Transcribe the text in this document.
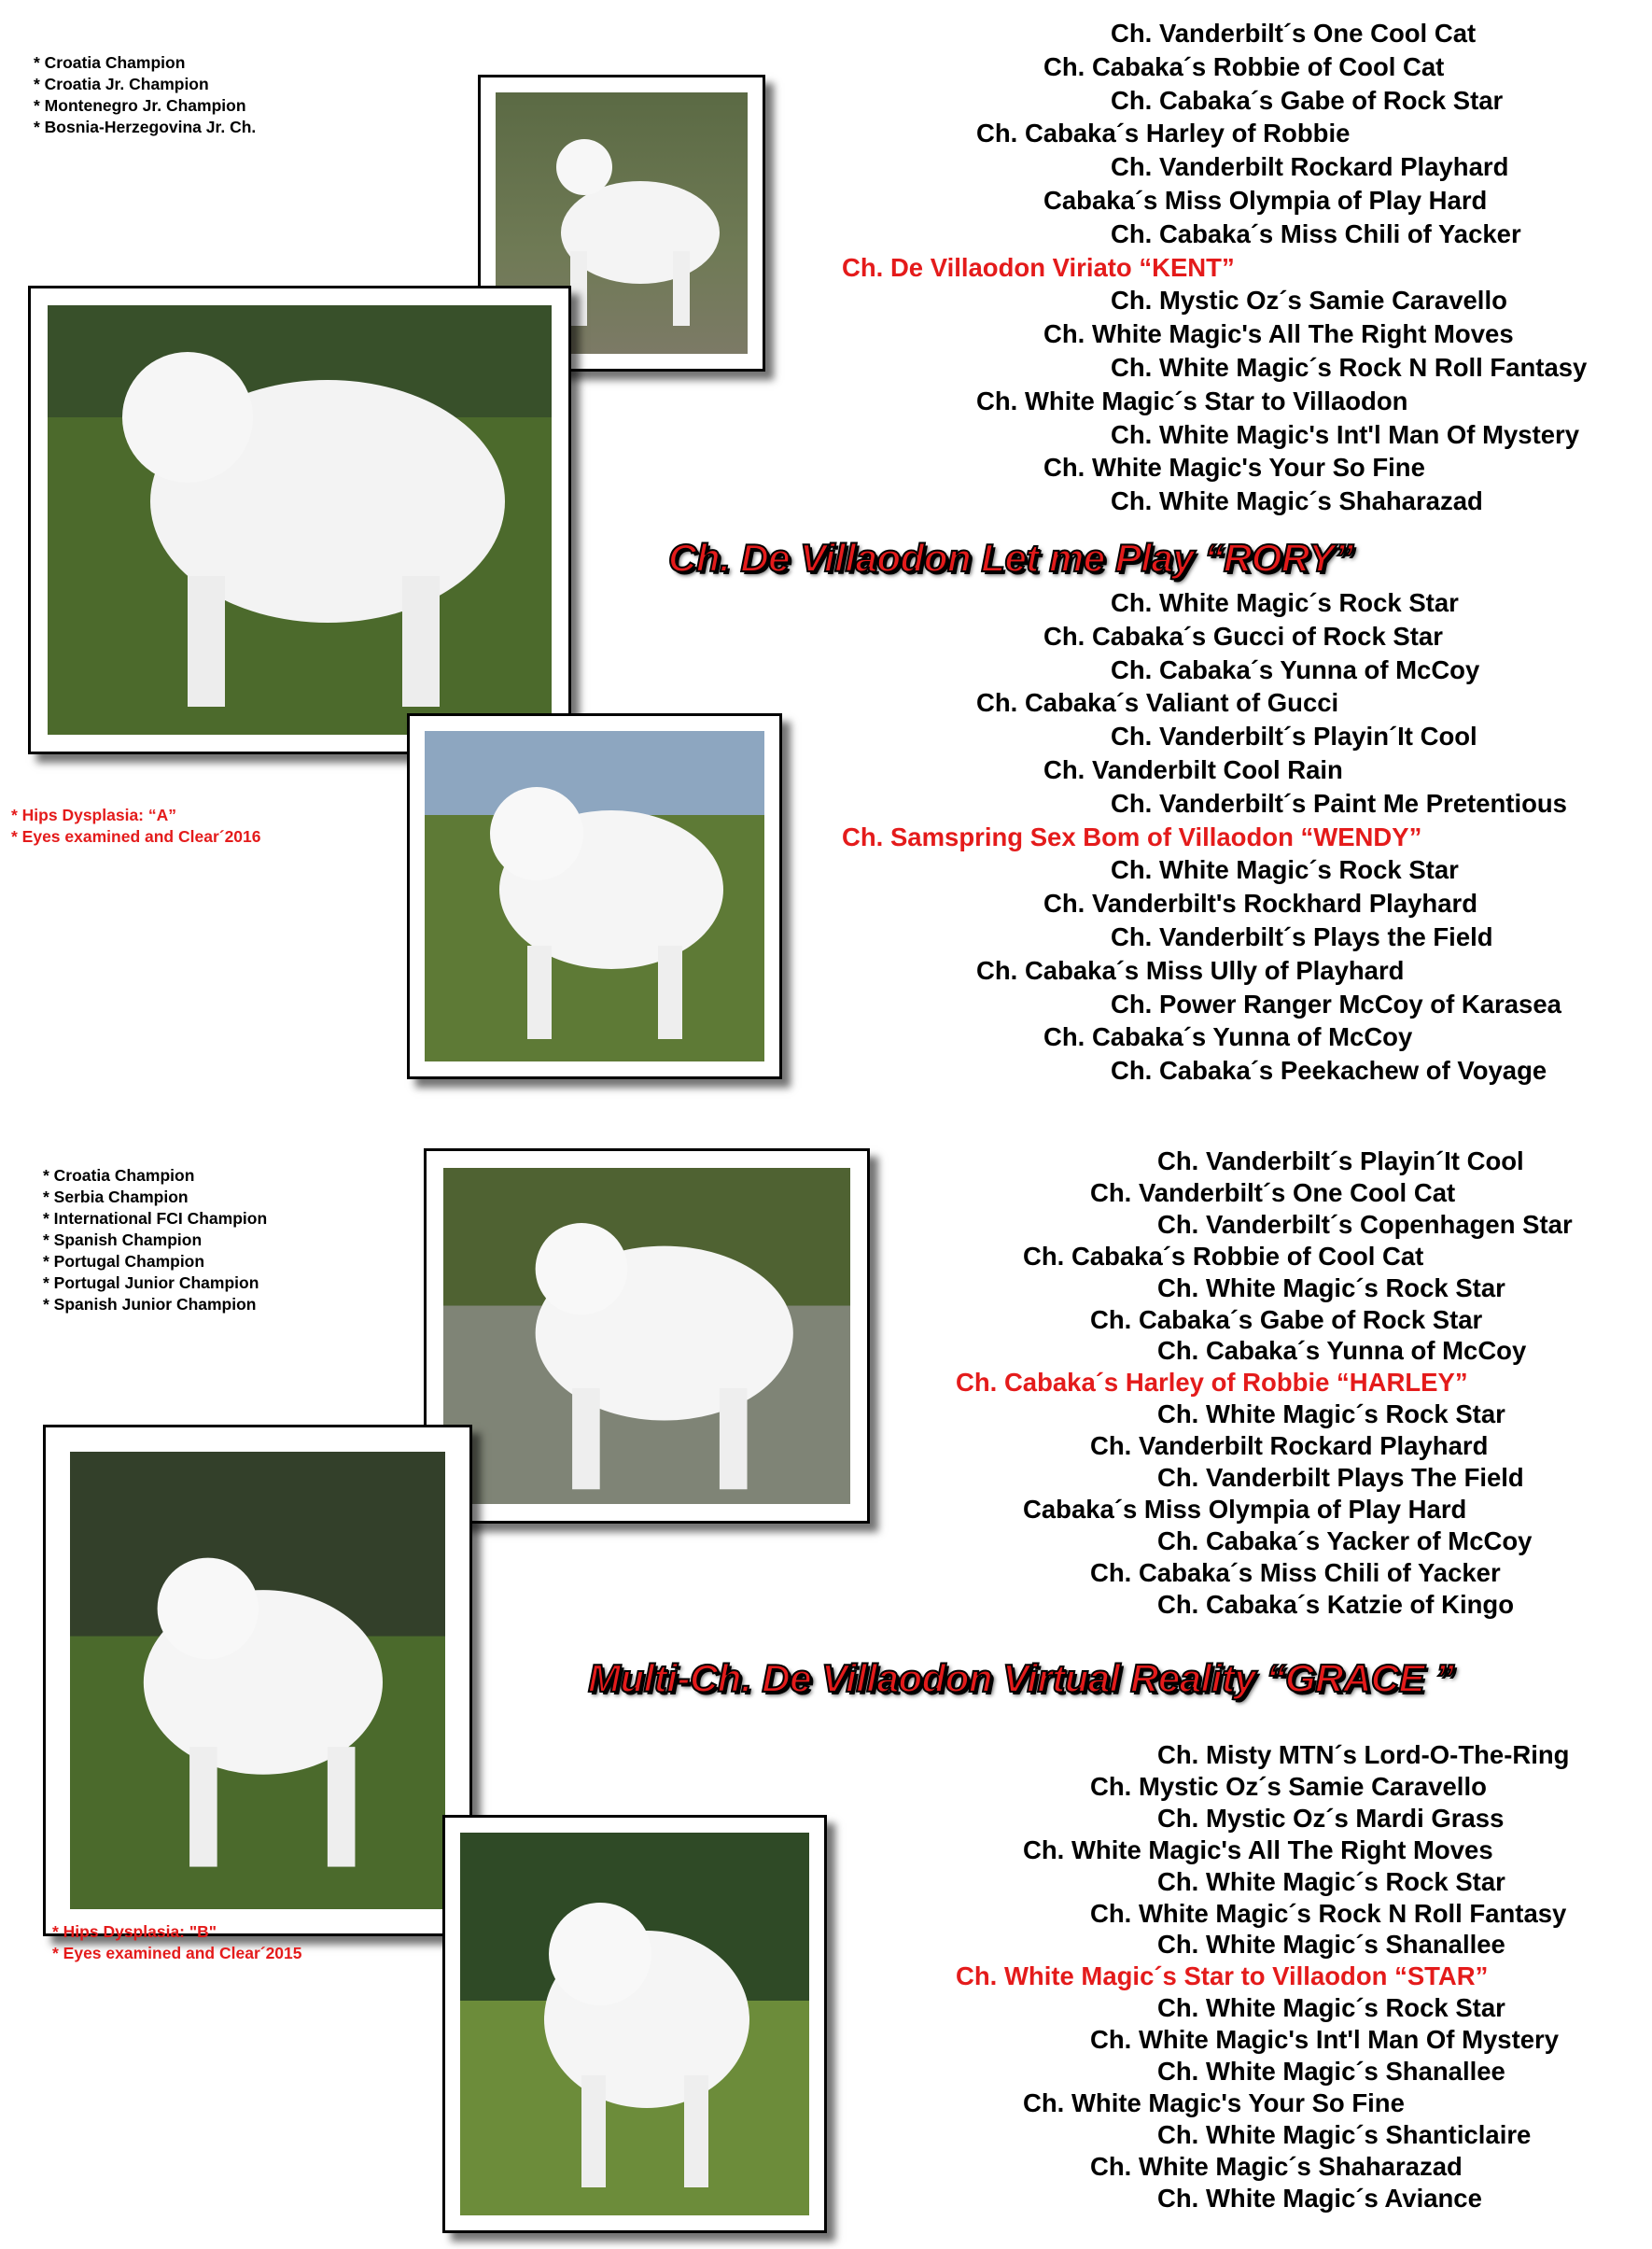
* Croatia Champion
* Croatia Jr. Champion
* Montenegro Jr. Champion
* Bosnia-Herzegovina Jr. Ch.
* Hips Dysplasia: “A”
* Eyes examined and Clear´2016
Ch. Vanderbilt´s One Cool Cat
Ch. Cabaka´s Robbie of Cool Cat
Ch. Cabaka´s Gabe of Rock Star
Ch. Cabaka´s Harley of Robbie
Ch. Vanderbilt Rockard Playhard
Cabaka´s Miss Olympia of Play Hard
Ch. Cabaka´s Miss Chili of Yacker
Ch. De Villaodon Viriato “KENT”
Ch. Mystic Oz´s Samie Caravello
Ch. White Magic's All The Right Moves
Ch. White Magic´s Rock N Roll Fantasy
Ch. White Magic´s Star to Villaodon
Ch. White Magic's Int'l Man Of Mystery
Ch. White Magic's Your So Fine
Ch. White Magic´s Shaharazad
Ch. White Magic´s Rock Star
Ch. Cabaka´s Gucci of Rock Star
Ch. Cabaka´s Yunna of McCoy
Ch. Cabaka´s Valiant of Gucci
Ch. Vanderbilt´s Playin´It Cool
Ch. Vanderbilt Cool Rain
Ch. Vanderbilt´s Paint Me Pretentious
Ch. Samspring Sex Bom of Villaodon “WENDY”
Ch. White Magic´s Rock Star
Ch. Vanderbilt's Rockhard Playhard
Ch. Vanderbilt´s Plays the Field
Ch. Cabaka´s Miss Ully of Playhard
Ch. Power Ranger McCoy of Karasea
Ch. Cabaka´s Yunna of McCoy
Ch. Cabaka´s Peekachew of Voyage
Ch. De Villaodon Let me Play “RORY”
* Croatia Champion
* Serbia Champion
* International FCI Champion
* Spanish Champion
* Portugal Champion
* Portugal Junior Champion
* Spanish Junior Champion
* Hips Dysplasia: "B"
* Eyes examined and Clear´2015
Ch. Vanderbilt´s Playin´It Cool
Ch. Vanderbilt´s One Cool Cat
Ch. Vanderbilt´s Copenhagen Star
Ch. Cabaka´s Robbie of Cool Cat
Ch. White Magic´s Rock Star
Ch. Cabaka´s Gabe of Rock Star
Ch. Cabaka´s Yunna of McCoy
Ch. Cabaka´s Harley of Robbie “HARLEY”
Ch. White Magic´s Rock Star
Ch. Vanderbilt Rockard Playhard
Ch. Vanderbilt Plays The Field
Cabaka´s Miss Olympia of Play Hard
Ch. Cabaka´s Yacker of McCoy
Ch. Cabaka´s Miss Chili of Yacker
Ch. Cabaka´s Katzie of Kingo
Ch. Misty MTN´s Lord-O-The-Ring
Ch. Mystic Oz´s Samie Caravello
Ch. Mystic Oz´s Mardi Grass
Ch. White Magic's All The Right Moves
Ch. White Magic´s Rock Star
Ch. White Magic´s Rock N Roll Fantasy
Ch. White Magic´s Shanallee
Ch. White Magic´s Star to Villaodon “STAR”
Ch. White Magic´s Rock Star
Ch. White Magic's Int'l Man Of Mystery
Ch. White Magic´s Shanallee
Ch. White Magic's Your So Fine
Ch. White Magic´s Shanticlaire
Ch. White Magic´s Shaharazad
Ch. White Magic´s Aviance
Multi-Ch. De Villaodon Virtual Reality “GRACE ”
